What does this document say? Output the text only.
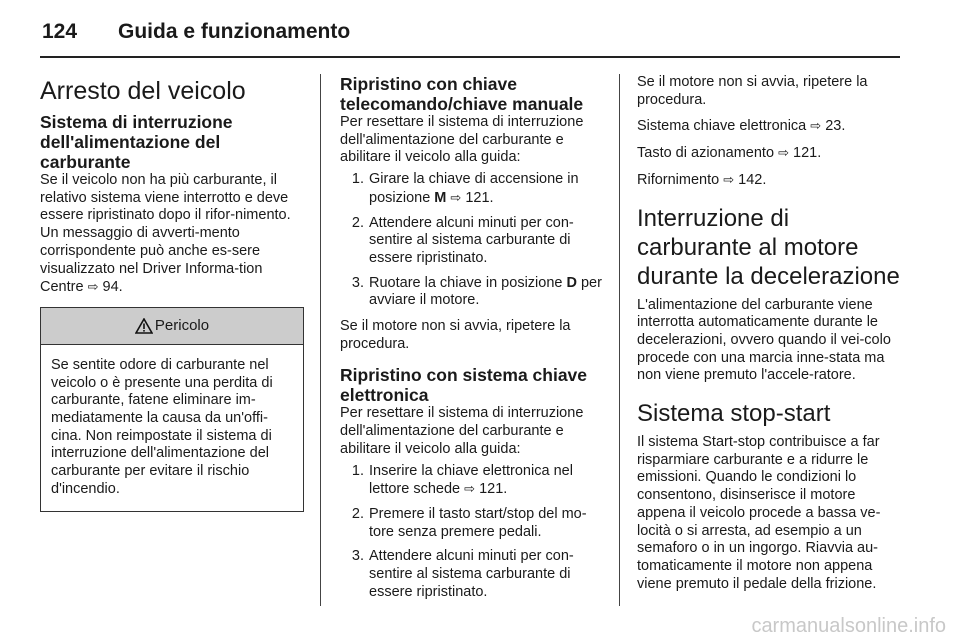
124	Guida e funzionamento
Arresto del veicolo
Sistema di interruzione dell'alimentazione del carburante

Se il veicolo non ha più carburante, il relativo sistema viene interrotto e deve essere ripristinato dopo il rifor-nimento. Un messaggio di avverti-mento corrispondente può anche es-sere visualizzato nel Driver Informa-tion Centre ⇨ 94.

Pericolo
Se sentite odore di carburante nel veicolo o è presente una perdita di carburante, fatene eliminare im-mediatamente la causa da un'offi-cina. Non reimpostate il sistema di interruzione dell'alimentazione del carburante per evitare il rischio d'incendio.
Ripristino con chiave telecomando/chiave manuale

Per resettare il sistema di interruzione dell'alimentazione del carburante e abilitare il veicolo alla guida:

1. Girare la chiave di accensione in posizione M ⇨ 121.
2. Attendere alcuni minuti per con-sentire al sistema carburante di essere ripristinato.
3. Ruotare la chiave in posizione D per avviare il motore.

Se il motore non si avvia, ripetere la procedura.

Ripristino con sistema chiave elettronica

Per resettare il sistema di interruzione dell'alimentazione del carburante e abilitare il veicolo alla guida:

1. Inserire la chiave elettronica nel lettore schede ⇨ 121.
2. Premere il tasto start/stop del mo-tore senza premere pedali.
3. Attendere alcuni minuti per con-sentire al sistema carburante di essere ripristinato.

Se il motore non si avvia, ripetere la procedura.

Sistema chiave elettronica ⇨ 23.

Tasto di azionamento ⇨ 121.

Rifornimento ⇨ 142.

Interruzione di carburante al motore durante la decelerazione

L'alimentazione del carburante viene interrotta automaticamente durante le decelerazioni, ovvero quando il vei-colo procede con una marcia inne-stata ma non viene premuto l'accele-ratore.

Sistema stop-start

Il sistema Start-stop contribuisce a far risparmiare carburante e a ridurre le emissioni. Quando le condizioni lo consentono, disinserisce il motore appena il veicolo procede a bassa ve-locità o si arresta, ad esempio a un semaforo o in un ingorgo. Riavvia au-tomaticamente il motore non appena viene premuto il pedale della frizione.

carmanualsonline.info
